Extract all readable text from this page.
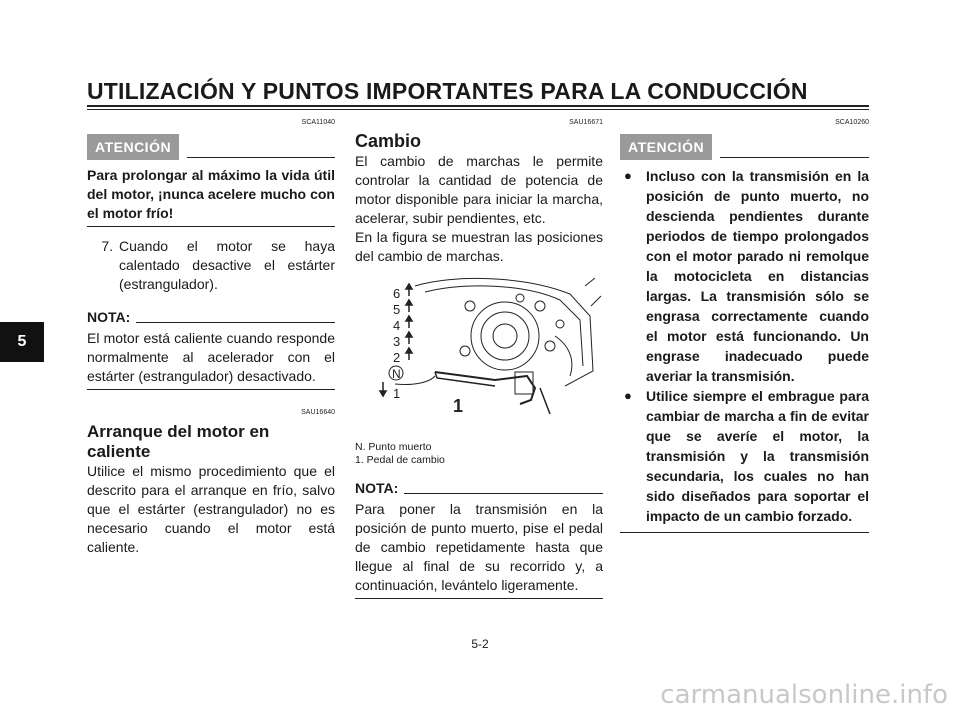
UTILIZACIÓN Y PUNTOS IMPORTANTES PARA LA CONDUCCIÓN
5
SCA11040
ATENCIÓN

Para prolongar al máximo la vida útil del motor, ¡nunca acelere mucho con el motor frío!

7. Cuando el motor se haya calentado desactive el estárter (estrangulador).
NOTA:

El motor está caliente cuando responde normalmente al acelerador con el estárter (estrangulador) desactivado.

SAU16640
Arranque del motor en caliente

Utilice el mismo procedimiento que el descrito para el arranque en frío, salvo que el estárter (estrangulador) no es necesario cuando el motor está caliente.

SAU16671
Cambio

El cambio de marchas le permite controlar la cantidad de potencia de motor disponible para iniciar la marcha, acelerar, subir pendientes, etc.

En la figura se muestran las posiciones del cambio de marchas.

6
5
4
3
2
N
1
1
N. Punto muerto
1. Pedal de cambio
NOTA:

Para poner la transmisión en la posición de punto muerto, pise el pedal de cambio repetidamente hasta que llegue al final de su recorrido y, a continuación, levántelo ligeramente.

SCA10260
ATENCIÓN
●	Incluso con la transmisión en la posición de punto muerto, no descienda pendientes durante periodos de tiempo prolongados con el motor parado ni remolque la motocicleta en distancias largas. La transmisión sólo se engrasa correctamente cuando el motor está funcionando. Un engrase inadecuado puede averiar la transmisión.
●	Utilice siempre el embrague para cambiar de marcha a fin de evitar que se averíe el motor, la transmisión y la transmisión secundaria, los cuales no han sido diseñados para soportar el impacto de un cambio forzado.
5-2
carmanualsonline.info
